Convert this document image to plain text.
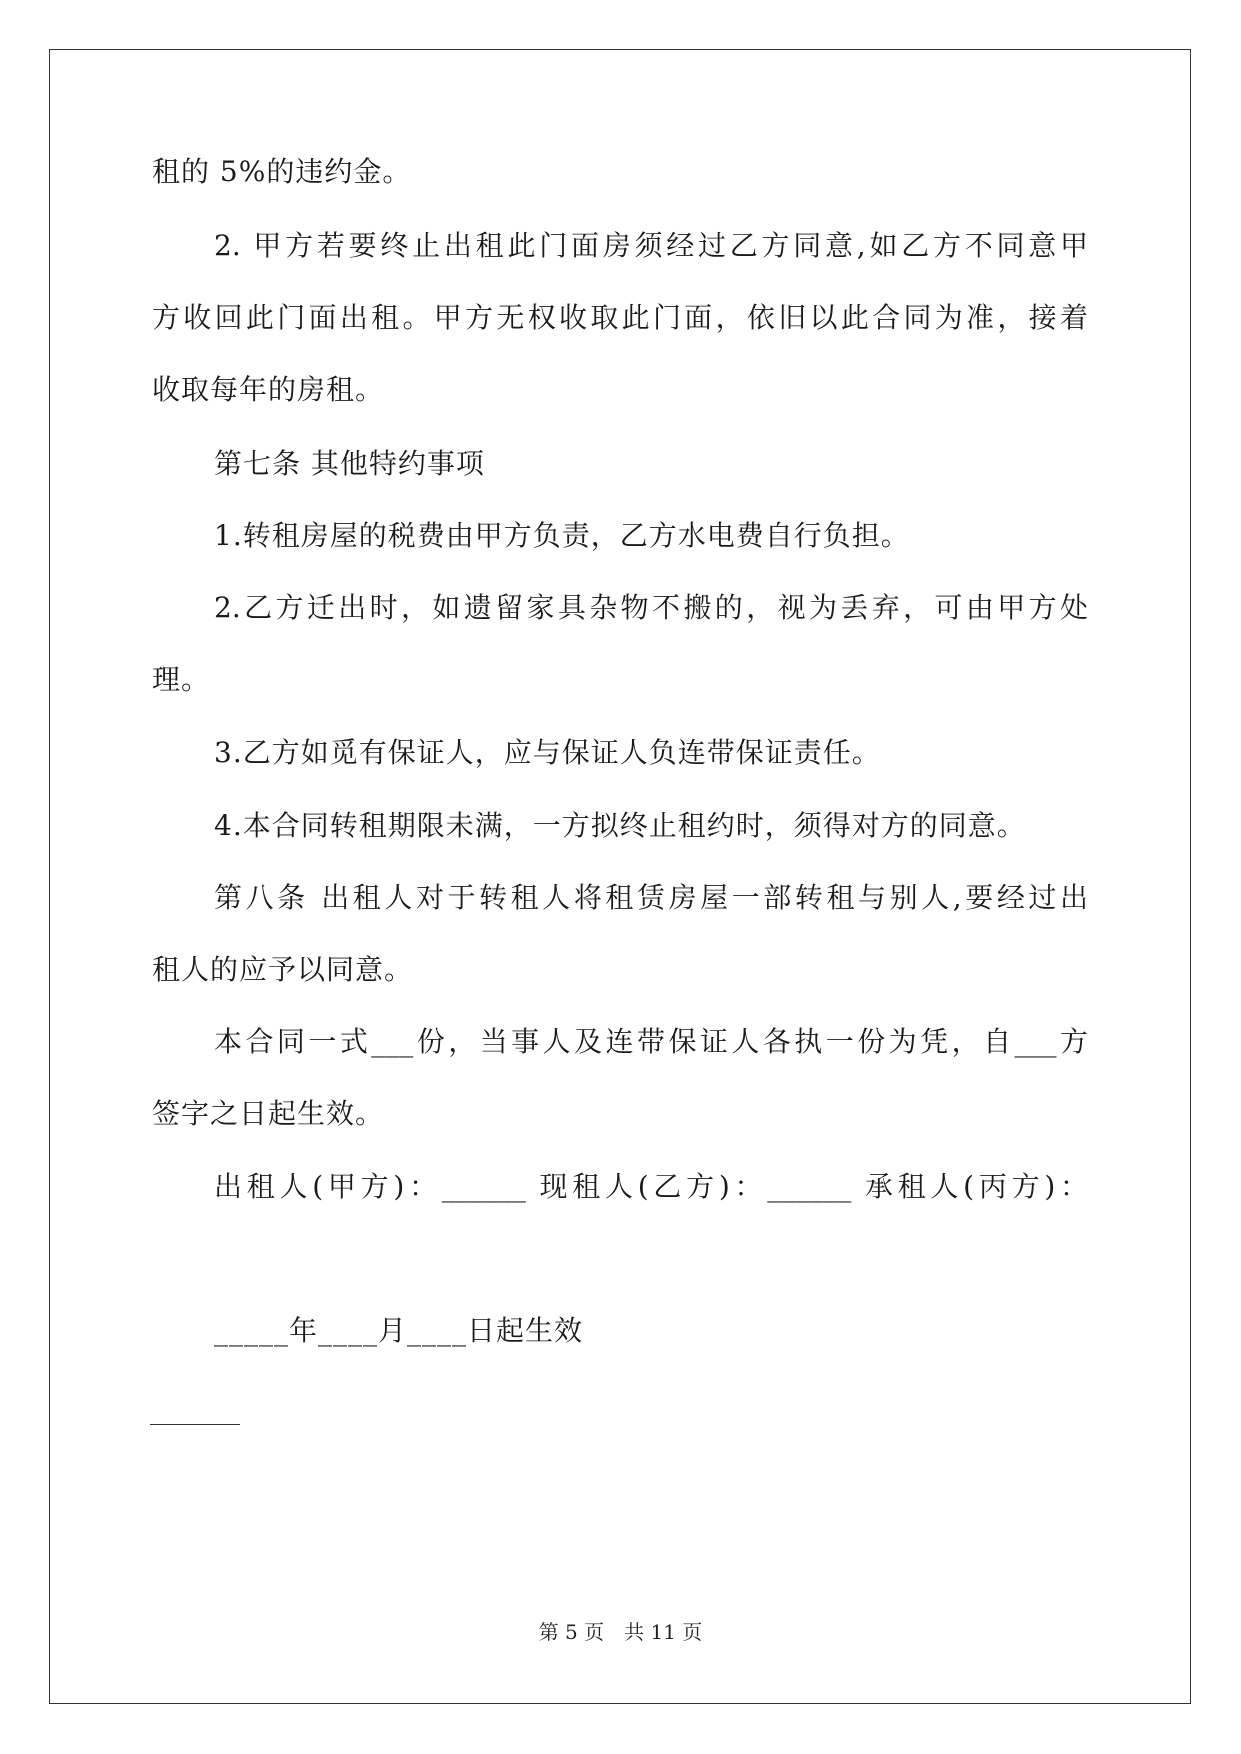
租的 5%的违约金。
2. 甲方若要终止出租此门面房须经过乙方同意,如乙方不同意甲
方收回此门面出租。甲方无权收取此门面，依旧以此合同为准，接着
收取每年的房租。
第七条 其他特约事项
1.转租房屋的税费由甲方负责，乙方水电费自行负担。
2.乙方迁出时，如遗留家具杂物不搬的，视为丢弃，可由甲方处
理。
3.乙方如觅有保证人，应与保证人负连带保证责任。
4.本合同转租期限未满，一方拟终止租约时，须得对方的同意。
第八条 出租人对于转租人将租赁房屋一部转租与别人,要经过出
租人的应予以同意。
本合同一式___份，当事人及连带保证人各执一份为凭，自___方
签字之日起生效。
出租人(甲方)：______ 现租人(乙方)：______ 承租人(丙方)：
_____年____月____日起生效
第 5 页 共 11 页
